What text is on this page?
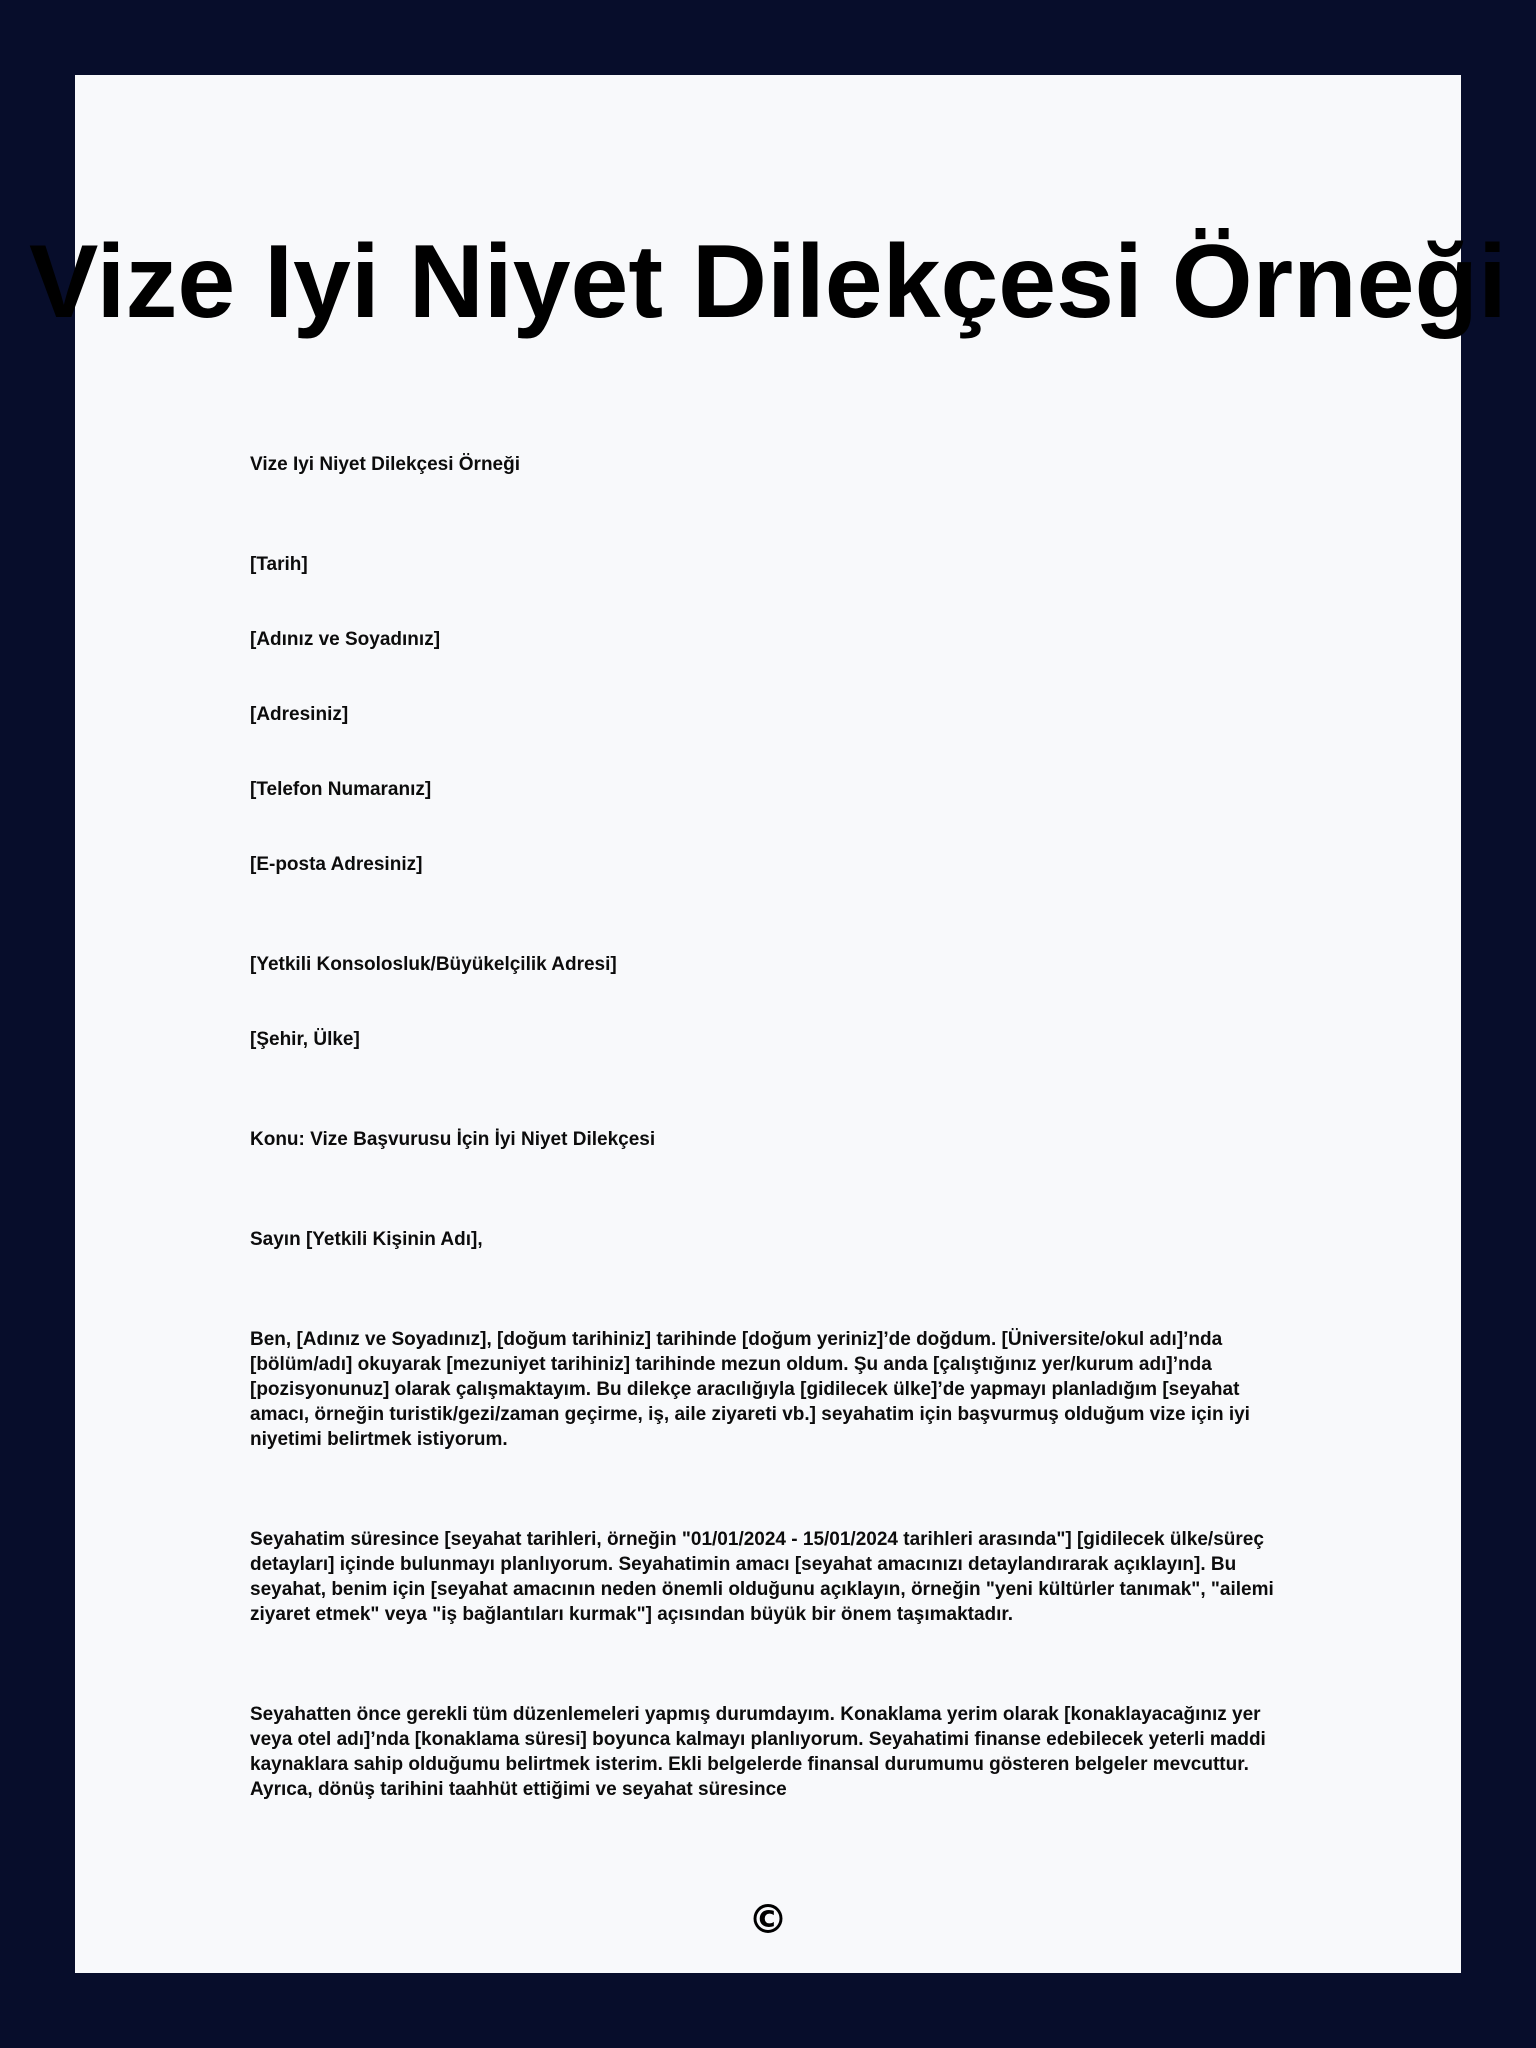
Vize Iyi Niyet Dilekçesi Örneği

Vize Iyi Niyet Dilekçesi Örneği

[Tarih]

[Adınız ve Soyadınız]

[Adresiniz]

[Telefon Numaranız]

[E-posta Adresiniz]

[Yetkili Konsolosluk/Büyükelçilik Adresi]

[Şehir, Ülke]

Konu: Vize Başvurusu İçin İyi Niyet Dilekçesi

Sayın [Yetkili Kişinin Adı],

Ben, [Adınız ve Soyadınız], [doğum tarihiniz] tarihinde [doğum yeriniz]’de doğdum. [Üniversite/okul adı]’nda [bölüm/adı] okuyarak [mezuniyet tarihiniz] tarihinde mezun oldum. Şu anda [çalıştığınız yer/kurum adı]’nda [pozisyonunuz] olarak çalışmaktayım. Bu dilekçe aracılığıyla [gidilecek ülke]’de yapmayı planladığım [seyahat amacı, örneğin turistik/gezi/zaman geçirme, iş, aile ziyareti vb.] seyahatim için başvurmuş olduğum vize için iyi niyetimi belirtmek istiyorum.

Seyahatim süresince [seyahat tarihleri, örneğin "01/01/2024 - 15/01/2024 tarihleri arasında"] [gidilecek ülke/süreç detayları] içinde bulunmayı planlıyorum. Seyahatimin amacı [seyahat amacınızı detaylandırarak açıklayın]. Bu seyahat, benim için [seyahat amacının neden önemli olduğunu açıklayın, örneğin "yeni kültürler tanımak", "ailemi ziyaret etmek" veya "iş bağlantıları kurmak"] açısından büyük bir önem taşımaktadır.

Seyahatten önce gerekli tüm düzenlemeleri yapmış durumdayım. Konaklama yerim olarak [konaklayacağınız yer veya otel adı]’nda [konaklama süresi] boyunca kalmayı planlıyorum. Seyahatimi finanse edebilecek yeterli maddi kaynaklara sahip olduğumu belirtmek isterim. Ekli belgelerde finansal durumumu gösteren belgeler mevcuttur. Ayrıca, dönüş tarihini taahhüt ettiğimi ve seyahat süresince

©
